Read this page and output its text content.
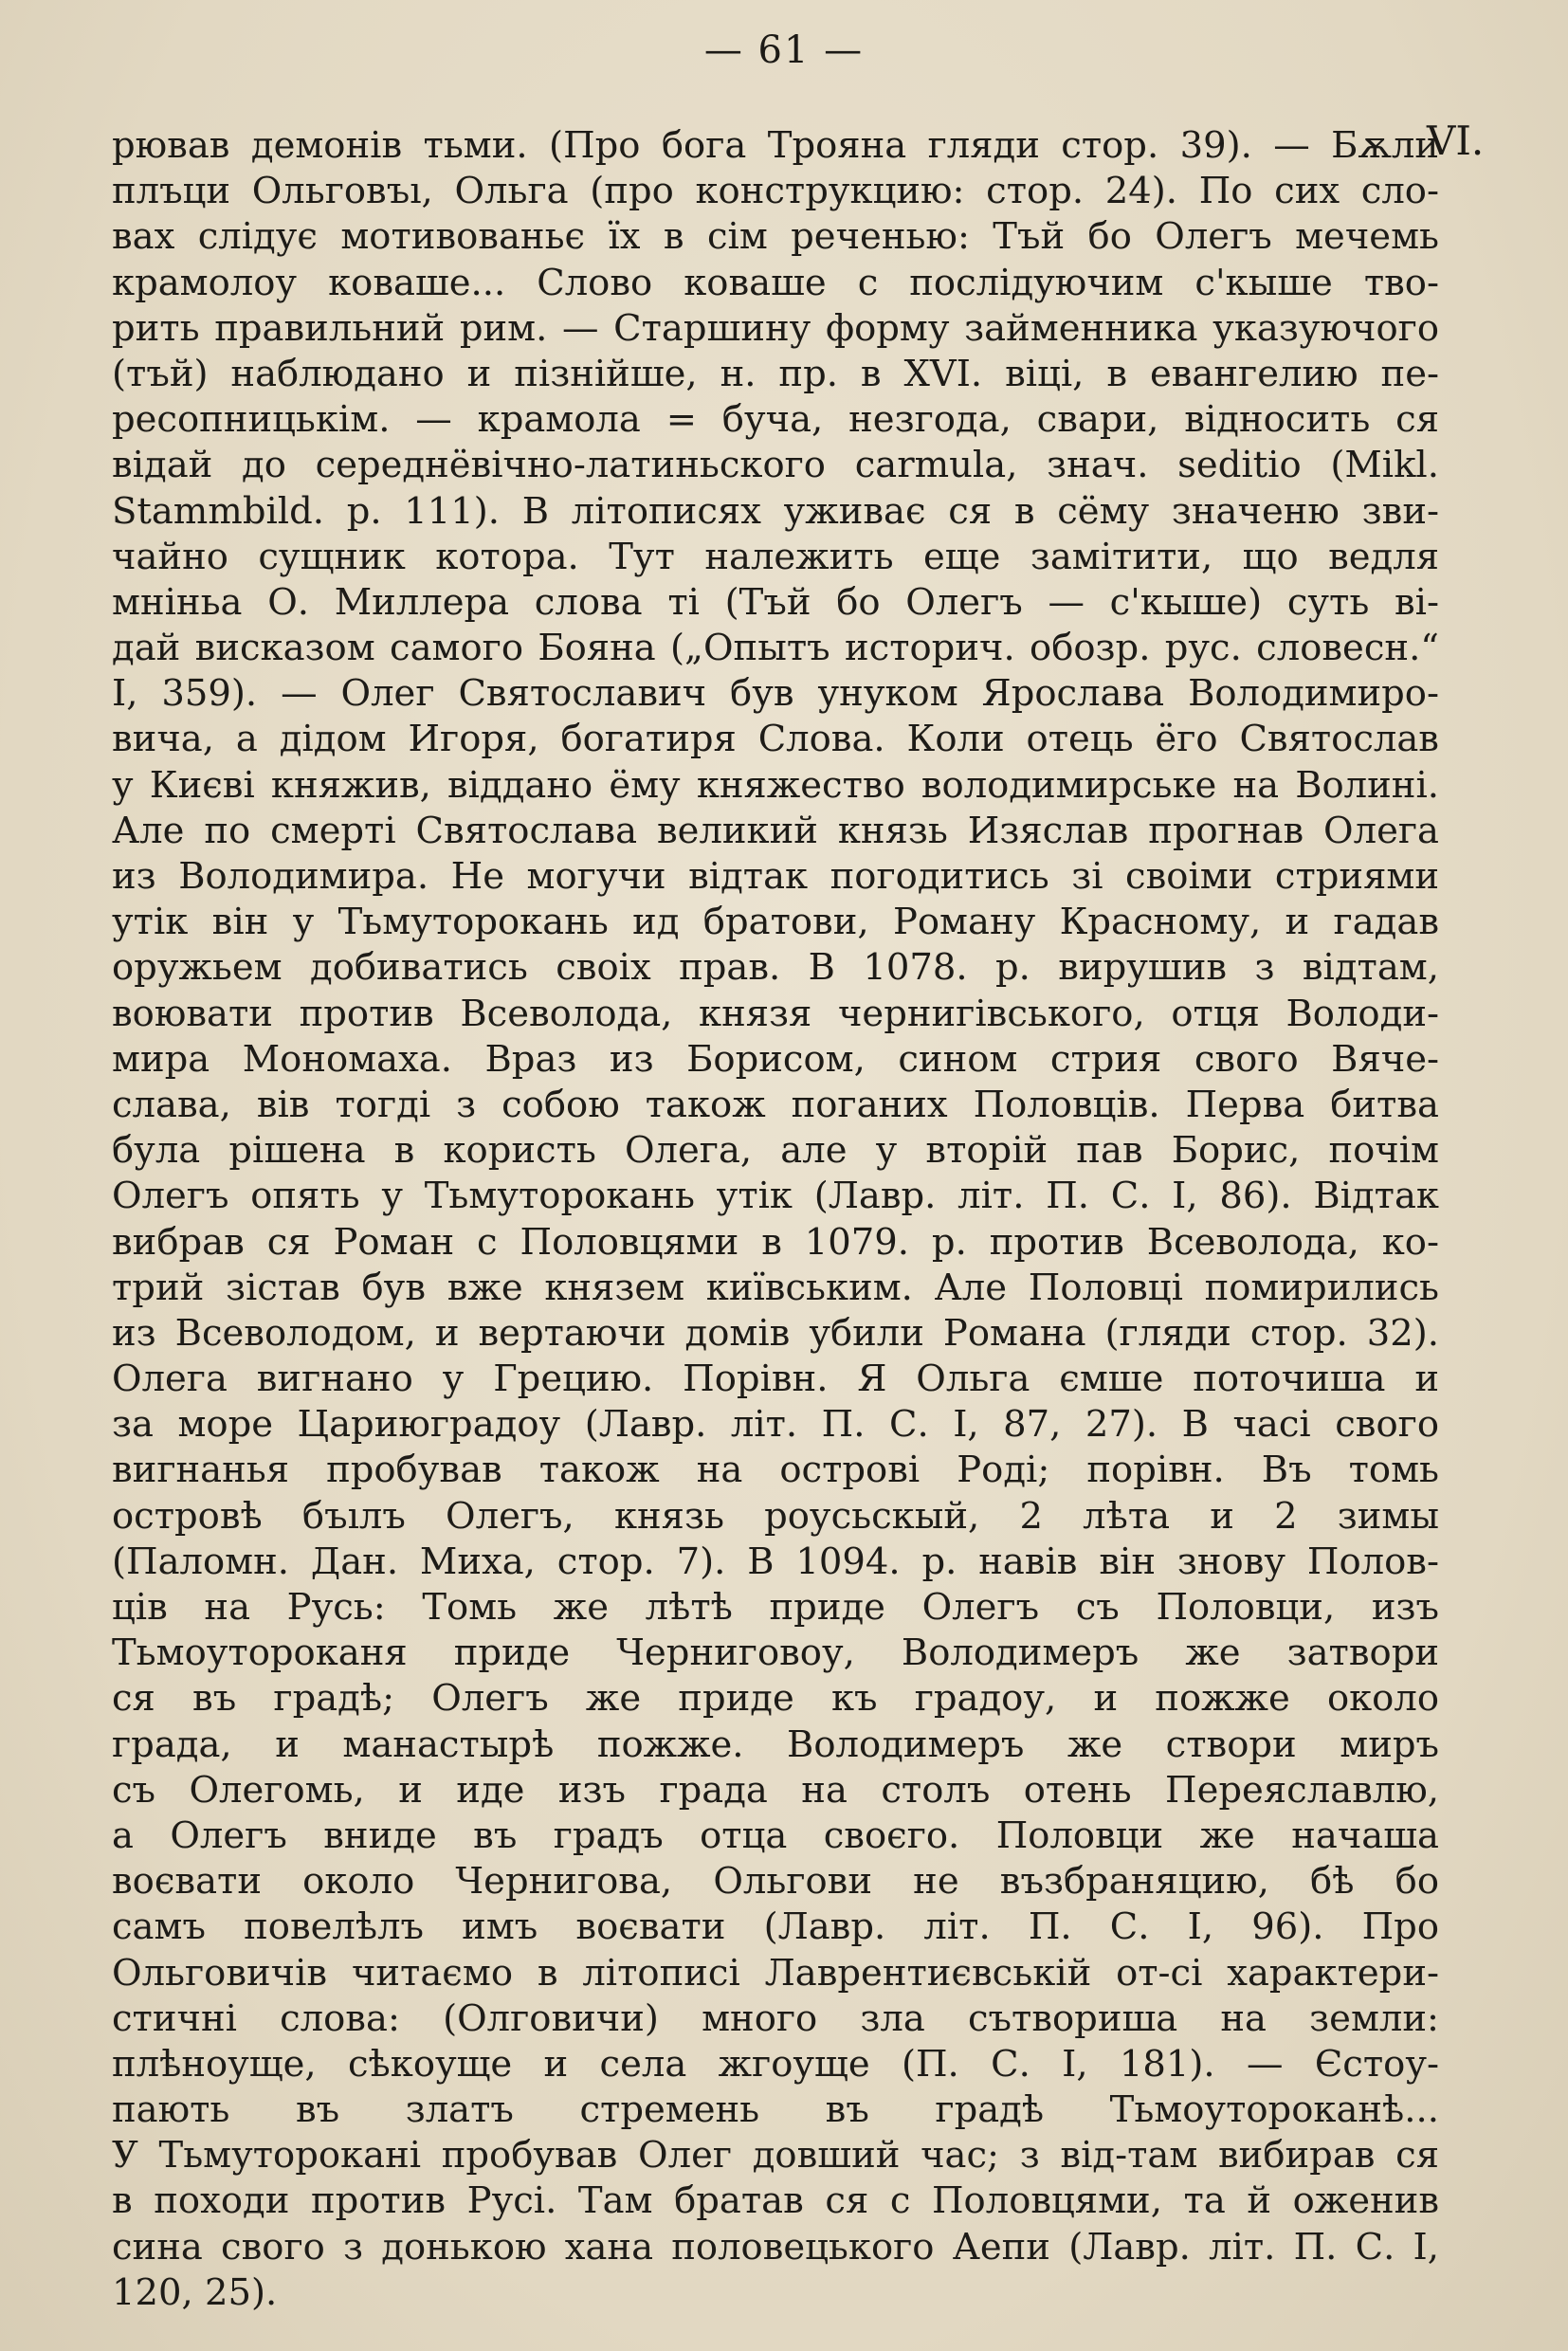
— 61 —
VI.
рював демонів тьми. (Про бога Трояна гляди стор. 39). — Бѫли
плъци Ольговъı, Ольга (про конструкцию: стор. 24). По сих сло-
вах слідує мотивованьє їх в сім реченью: Тъй бо Олегъ мечемь
крамолоу коваше... Слово коваше с послідуючим с'кыше тво-
рить правильний рим. — Старшину форму займенника указуючого
(тъй) наблюдано и пізнійше, н. пр. в XVI. віці, в евангелию пе-
ресопницькім. — крамола = буча, незгода, свари, відносить ся
відай до середнёвічно-латиньского carmula, знач. seditio (Mikl.
Stammbild. p. 111). В літописях уживає ся в сёму значеню зви-
чайно сущник котора. Тут належить еще замітити, що ведля
мніньа О. Миллера слова ті (Тъй бо Олегъ — с'кыше) суть ві-
дай висказом самого Бояна („Опытъ историч. обозр. рус. словесн.“
I, 359). — Олег Святославич був унуком Ярослава Володимиро-
вича, а дідом Игоря, богатиря Слова. Коли отець ёго Святослав
у Києві княжив, віддано ёму княжество володимирське на Волині.
Але по смерті Святослава великий князь Изяслав прогнав Олега
из Володимира. Не могучи відтак погодитись зі своіми стриями
утік він у Тьмуторокань ид братови, Роману Красному, и гадав
оружьем добиватись своіх прав. В 1078. р. вирушив з відтам,
воювати против Всеволода, князя чернигівського, отця Володи-
мира Мономаха. Враз из Борисом, сином стрия свого Вяче-
слава, вів тогді з собою також поганих Половців. Перва битва
була рішена в користь Олега, але у вторій пав Борис, почім
Олегъ опять у Тьмуторокань утік (Лавр. літ. П. С. I, 86). Відтак
вибрав ся Роман с Половцями в 1079. р. против Всеволода, ко-
трий зістав був вже князем київським. Але Половці помирились
из Всеволодом, и вертаючи домів убили Романа (гляди стор. 32).
Олега вигнано у Грецию. Порівн. Я Ольга ємше поточиша и
за море Цариюградоу (Лавр. літ. П. С. I, 87, 27). В часі свого
вигнанья пробував також на острові Роді; порівн. Въ томь
островѣ бъıлъ Олегъ, князь роусьскый, 2 лѣта и 2 зимы
(Паломн. Дан. Миха, стор. 7). В 1094. р. навів він знову Полов-
ців на Русь: Томь же лѣтѣ приде Олегъ съ Половци, изъ
Тьмоутороканя приде Черниговоу, Володимеръ же затвори
ся въ градѣ; Олегъ же приде къ градоу, и пожже около
града, и манастырѣ пожже. Володимеръ же створи миръ
съ Олегомь, и иде изъ града на столъ отень Переяславлю,
а Олегъ вниде въ градъ отца своєго. Половци же начаша
воєвати около Чернигова, Ольгови не възбраняцию, бѣ бо
самъ повелѣлъ имъ воєвати (Лавр. літ. П. С. I, 96). Про
Ольговичів читаємо в літописі Лаврентиєвській от-сі характери-
стичні слова: (Олговичи) много зла сътвориша на земли:
плѣноуще, сѣкоуще и села жгоуще (П. С. I, 181). — Єстоу-
пають въ златъ стремень въ градѣ Тьмоутороканѣ...
У Тьмуторокані пробував Олег довший час; з від-там вибирав ся
в походи против Русі. Там братав ся с Половцями, та й оженив
сина свого з донькою хана половецького Аепи (Лавр. літ. П. С. I,
120, 25).
